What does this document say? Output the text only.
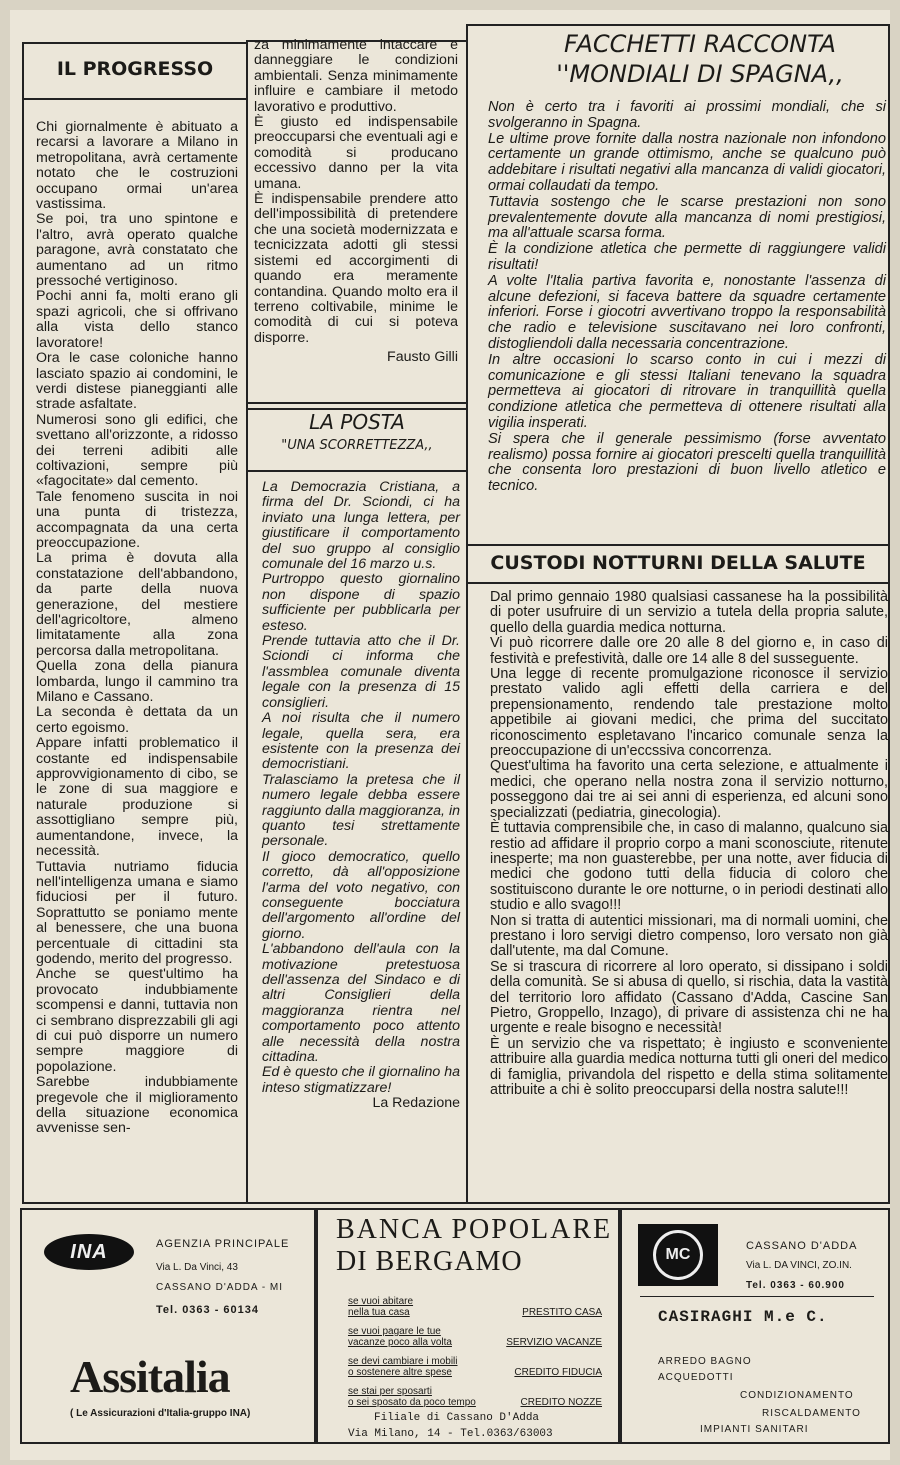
IL PROGRESSO

Chi giornalmente è abituato a recarsi a lavorare a Milano in metropolitana, avrà certamente notato che le costruzioni occupano ormai un'area vastissima.
Se poi, tra uno spintone e l'altro, avrà operato qualche paragone, avrà constatato che aumentano ad un ritmo pressoché vertiginoso.
Pochi anni fa, molti erano gli spazi agricoli, che si offrivano alla vista dello stanco lavoratore!
Ora le case coloniche hanno lasciato spazio ai condomini, le verdi distese pianeggianti alle strade asfaltate.
Numerosi sono gli edifici, che svettano all'orizzonte, a ridosso dei terreni adibiti alle coltivazioni, sempre più «fagocitate» dal cemento.
Tale fenomeno suscita in noi una punta di tristezza, accompagnata da una certa preoccupazione.
La prima è dovuta alla constatazione dell'abbandono, da parte della nuova generazione, del mestiere dell'agricoltore, almeno limitatamente alla zona percorsa dalla metropolitana.
Quella zona della pianura lombarda, lungo il cammino tra Milano e Cassano.
La seconda è dettata da un certo egoismo.
Appare infatti problematico il costante ed indispensabile approvvigionamento di cibo, se le zone di sua maggiore e naturale produzione si assottigliano sempre più, aumentandone, invece, la necessità.
Tuttavia nutriamo fiducia nell'intelligenza umana e siamo fiduciosi per il futuro. Soprattutto se poniamo mente al benessere, che una buona percentuale di cittadini sta godendo, merito del progresso.
Anche se quest'ultimo ha provocato indubbiamente scompensi e danni, tuttavia non ci sembrano disprezzabili gli agi di cui può disporre un numero sempre maggiore di popolazione.
Sarebbe indubbiamente pregevole che il miglioramento della situazione economica avvenisse sen-

za minimamente intaccare e danneggiare le condizioni ambientali. Senza minimamente influire e cambiare il metodo lavorativo e produttivo.
È giusto ed indispensabile preoccuparsi che eventuali agi e comodità si producano eccessivo danno per la vita umana.
È indispensabile prendere atto dell'impossibilità di pretendere che una società modernizzata e tecnicizzata adotti gli stessi sistemi ed accorgimenti di quando era meramente contandina. Quando molto era il terreno coltivabile, minime le comodità di cui si poteva disporre.

Fausto Gilli

LA POSTA
"UNA SCORRETTEZZA,,

La Democrazia Cristiana, a firma del Dr. Sciondi, ci ha inviato una lunga lettera, per giustificare il comportamento del suo gruppo al consiglio comunale del 16 marzo u.s.
Purtroppo questo giornalino non dispone di spazio sufficiente per pubblicarla per esteso.
Prende tuttavia atto che il Dr. Sciondi ci informa che l'assmblea comunale diventa legale con la presenza di 15 consiglieri.
A noi risulta che il numero legale, quella sera, era esistente con la presenza dei democristiani.
Tralasciamo la pretesa che il numero legale debba essere raggiunto dalla maggioranza, in quanto tesi strettamente personale.
Il gioco democratico, quello corretto, dà all'opposizione l'arma del voto negativo, con conseguente bocciatura dell'argomento all'ordine del giorno.
L'abbandono dell'aula con la motivazione pretestuosa dell'assenza del Sindaco e di altri Consiglieri della maggioranza rientra nel comportamento poco attento alle necessità della nostra cittadina.
Ed è questo che il giornalino ha inteso stigmatizzare!

La Redazione

FACCHETTI RACCONTA
''MONDIALI DI SPAGNA,,

Non è certo tra i favoriti ai prossimi mondiali, che si svolgeranno in Spagna.
Le ultime prove fornite dalla nostra nazionale non infondono certamente un grande ottimismo, anche se qualcuno può addebitare i risultati negativi alla mancanza di validi giocatori, ormai collaudati da tempo.
Tuttavia sostengo che le scarse prestazioni non sono prevalentemente dovute alla mancanza di nomi prestigiosi, ma all'attuale scarsa forma.
È la condizione atletica che permette di raggiungere validi risultati!
A volte l'Italia partiva favorita e, nonostante l'assenza di alcune defezioni, si faceva battere da squadre certamente inferiori. Forse i giocotri avvertivano troppo la responsabilità che radio e televisione suscitavano nei loro confronti, distogliendoli dalla necessaria concentrazione.
In altre occasioni lo scarso conto in cui i mezzi di comunicazione e gli stessi Italiani tenevano la squadra permetteva ai giocatori di ritrovare in tranquillità quella condizione atletica che permetteva di ottenere risultati alla vigilia insperati.
Si spera che il generale pessimismo (forse avventato realismo) possa fornire ai giocatori prescelti quella tranquillità che consenta loro prestazioni di buon livello atletico e tecnico.

CUSTODI NOTTURNI DELLA SALUTE

Dal primo gennaio 1980 qualsiasi cassanese ha la possibilità di poter usufruire di un servizio a tutela della propria salute, quello della guardia medica notturna.
Vi può ricorrere dalle ore 20 alle 8 del giorno e, in caso di festività e prefestività, dalle ore 14 alle 8 del susseguente.
Una legge di recente promulgazione riconosce il servizio prestato valido agli effetti della carriera e del prepensionamento, rendendo tale prestazione molto appetibile ai giovani medici, che prima del succitato riconoscimento espletavano l'incarico comunale senza la preoccupazione di un'eccssiva concorrenza.
Quest'ultima ha favorito una certa selezione, e attualmente i medici, che operano nella nostra zona il servizio notturno, posseggono dai tre ai sei anni di esperienza, ed alcuni sono specializzati (pediatria, ginecologia).
È tuttavia comprensibile che, in caso di malanno, qualcuno sia restio ad affidare il proprio corpo a mani sconosciute, ritenute inesperte; ma non guasterebbe, per una notte, aver fiducia di medici che godono tutti della fiducia di coloro che sostituiscono durante le ore notturne, o in periodi destinati allo studio e allo svago!!!
Non si tratta di autentici missionari, ma di normali uomini, che prestano i loro servigi dietro compenso, loro versato non già dall'utente, ma dal Comune.
Se si trascura di ricorrere al loro operato, si dissipano i soldi della comunità. Se si abusa di quello, si rischia, data la vastità del territorio loro affidato (Cassano d'Adda, Cascine San Pietro, Groppello, Inzago), di privare di assistenza chi ne ha urgente e reale bisogno e necessità!
È un servizio che va rispettato; è ingiusto e sconveniente attribuire alla guardia medica notturna tutti gli oneri del medico di famiglia, privandola del rispetto e della stima solitamente attribuite a chi è solito preoccuparsi della nostra salute!!!

INA	AGENZIA PRINCIPALE
Via L. Da Vinci, 43
CASSANO D'ADDA - MI
Tel. 0363 - 60134
Assitalia
( Le Assicurazioni d'Italia-gruppo INA)
BANCA POPOLARE
DI BERGAMO
se vuoi abitare
nella tua casa	PRESTITO CASA
se vuoi pagare le tue
vacanze poco alla volta	SERVIZIO VACANZE
se devi cambiare i mobili
o sostenere altre spese	CREDITO FIDUCIA
se stai per sposarti
o sei sposato da poco tempo	CREDITO NOZZE
Filiale di Cassano D'Adda
Via Milano, 14 - Tel.0363/63003
MC	CASSANO D'ADDA
Via L. DA VINCI, ZO.IN.
Tel. 0363 - 60.900
CASIRAGHI M.e C.
ARREDO BAGNO
ACQUEDOTTI
CONDIZIONAMENTO
RISCALDAMENTO
IMPIANTI SANITARI
